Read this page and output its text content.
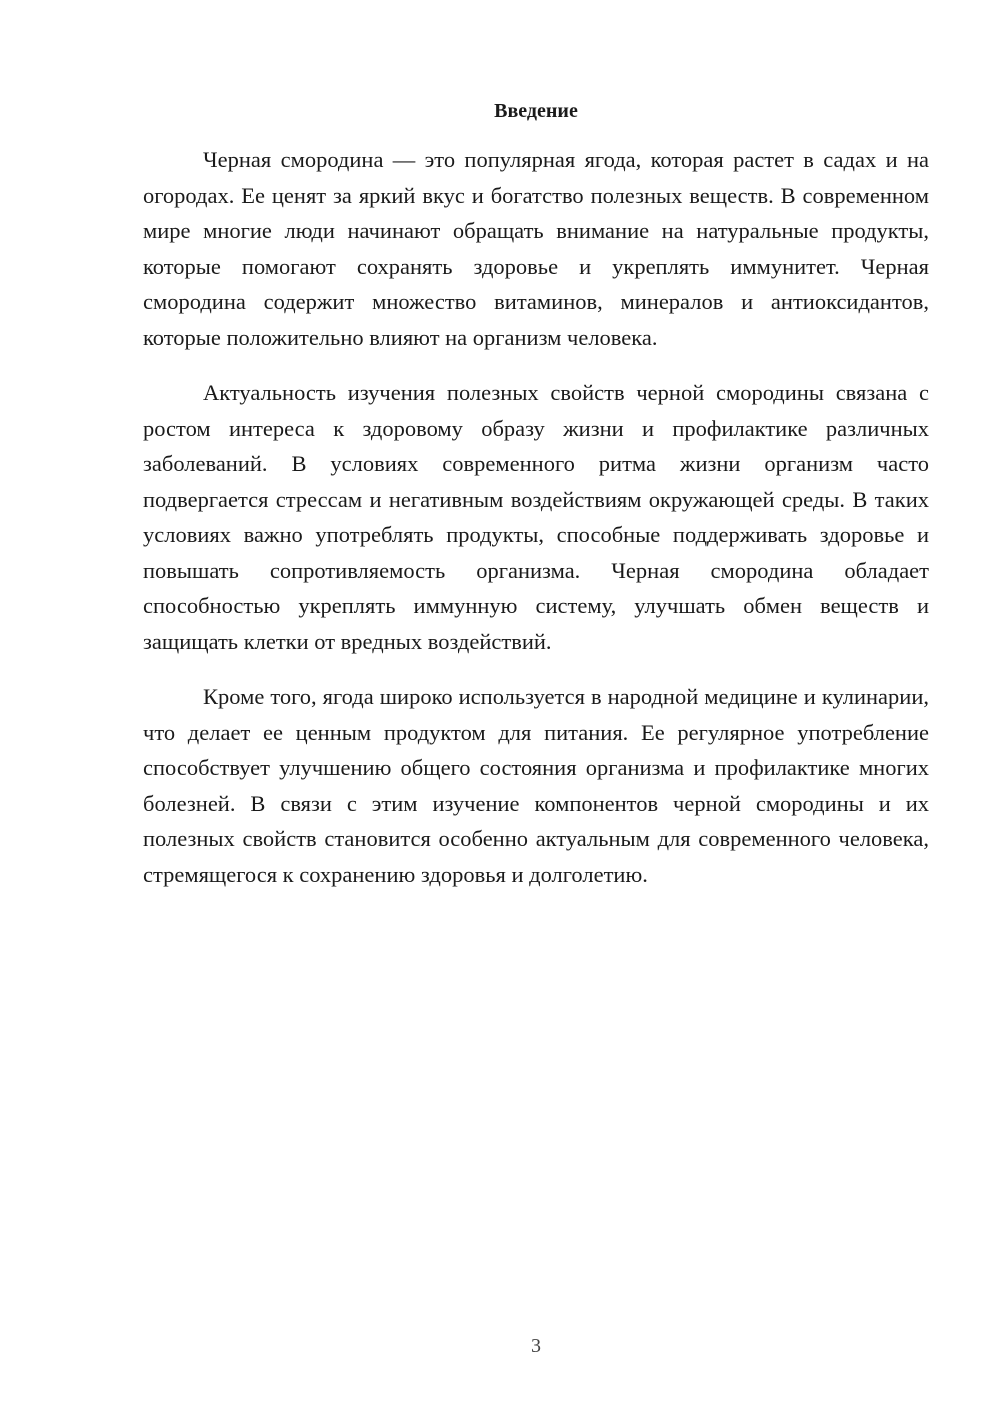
Введение

Черная смородина — это популярная ягода, которая растет в садах и на огородах. Ее ценят за яркий вкус и богатство полезных веществ. В современном мире многие люди начинают обращать внимание на натуральные продукты, которые помогают сохранять здоровье и укреплять иммунитет. Черная смородина содержит множество витаминов, минералов и антиоксидантов, которые положительно влияют на организм человека.

Актуальность изучения полезных свойств черной смородины связана с ростом интереса к здоровому образу жизни и профилактике различных заболеваний. В условиях современного ритма жизни организм часто подвергается стрессам и негативным воздействиям окружающей среды. В таких условиях важно употреблять продукты, способные поддерживать здоровье и повышать сопротивляемость организма. Черная смородина обладает способностью укреплять иммунную систему, улучшать обмен веществ и защищать клетки от вредных воздействий.

Кроме того, ягода широко используется в народной медицине и кулинарии, что делает ее ценным продуктом для питания. Ее регулярное употребление способствует улучшению общего состояния организма и профилактике многих болезней. В связи с этим изучение компонентов черной смородины и их полезных свойств становится особенно актуальным для современного человека, стремящегося к сохранению здоровья и долголетию.

3
